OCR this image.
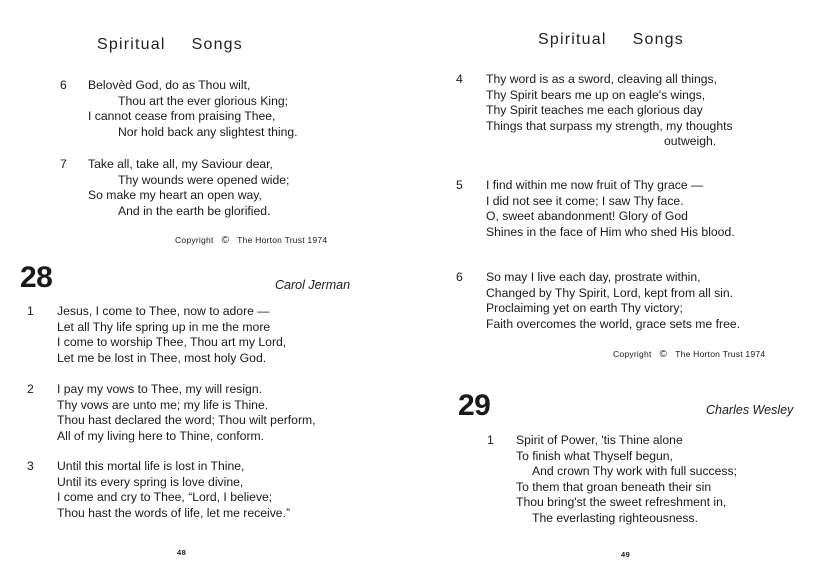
Spiritual Songs
6 Belovèd God, do as Thou wilt,
Thou art the ever glorious King;
I cannot cease from praising Thee,
Nor hold back any slightest thing.
7 Take all, take all, my Saviour dear,
Thy wounds were opened wide;
So make my heart an open way,
And in the earth be glorified.
Copyright © The Horton Trust 1974
28	Carol Jerman
1 Jesus, I come to Thee, now to adore —
Let all Thy life spring up in me the more
I come to worship Thee, Thou art my Lord,
Let me be lost in Thee, most holy God.
2 I pay my vows to Thee, my will resign.
Thy vows are unto me; my life is Thine.
Thou hast declared the word; Thou wilt perform,
All of my living here to Thine, conform.
3 Until this mortal life is lost in Thine,
Until its every spring is love divine,
I come and cry to Thee, “Lord, I believe;
Thou hast the words of life, let me receive.”
48
Spiritual Songs
4 Thy word is as a sword, cleaving all things,
Thy Spirit bears me up on eagle's wings,
Thy Spirit teaches me each glorious day
Things that surpass my strength, my thoughts
outweigh.
5 I find within me now fruit of Thy grace —
I did not see it come; I saw Thy face.
O, sweet abandonment! Glory of God
Shines in the face of Him who shed His blood.
6 So may I live each day, prostrate within,
Changed by Thy Spirit, Lord, kept from all sin.
Proclaiming yet on earth Thy victory;
Faith overcomes the world, grace sets me free.
Copyright © The Horton Trust 1974
29	Charles Wesley
1 Spirit of Power, 'tis Thine alone
To finish what Thyself begun,
And crown Thy work with full success;
To them that groan beneath their sin
Thou bring'st the sweet refreshment in,
The everlasting righteousness.
49
